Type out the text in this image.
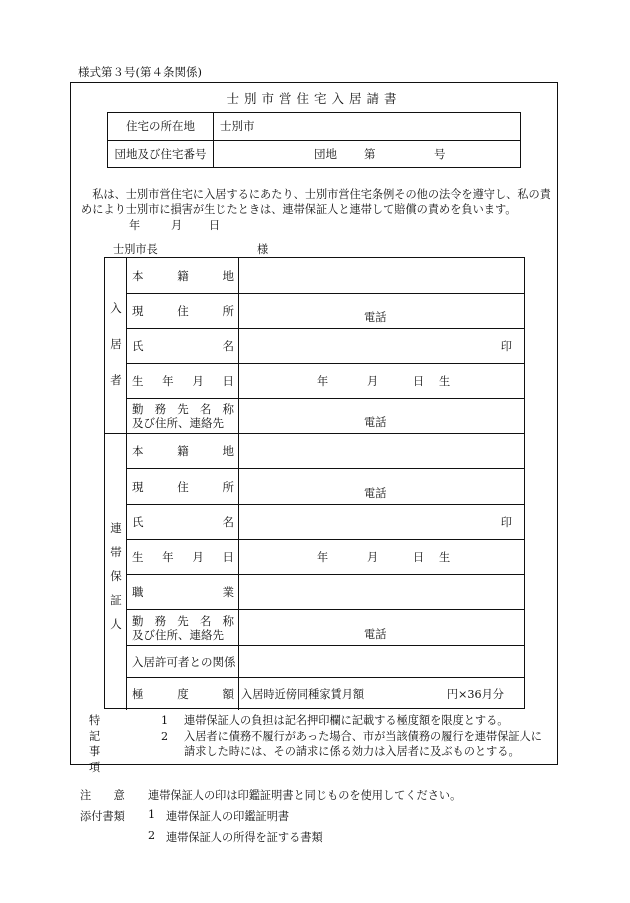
様式第３号(第４条関係)
士別市営住宅入居請書
住宅の所在地	士別市
団地及び住宅番号	団地 第	号
私は、士別市営住宅に入居するにあたり、士別市営住宅条例その他の法令を遵守し、私の責めにより士別市に損害が生じたときは、連帯保証人と連帯して賠償の責めを負います。
年	月 日
士別市長	様
入
居
者
本	籍	地
現	住	所	電話
氏	名	印
生 年 月 日	年	月	日 生
勤 務 先 名 称
及び住所、連絡先	電話
連
帯
保
証
人
本	籍	地
現	住	所	電話
氏	名	印
生 年 月 日	年	月	日 生
職	業
勤 務 先 名 称
及び住所、連絡先	電話
入居許可者との関係
極	度	額 入居時近傍同種家賃月額	円×36月分
特記事項
1 連帯保証人の負担は記名押印欄に記載する極度額を限度とする。
2 入居者に債務不履行があった場合、市が当該債務の履行を連帯保証人に
請求した時には、その請求に係る効力は入居者に及ぶものとする。
注　　意 連帯保証人の印は印鑑証明書と同じものを使用してください。
添付書類 1 連帯保証人の印鑑証明書
2 連帯保証人の所得を証する書類
